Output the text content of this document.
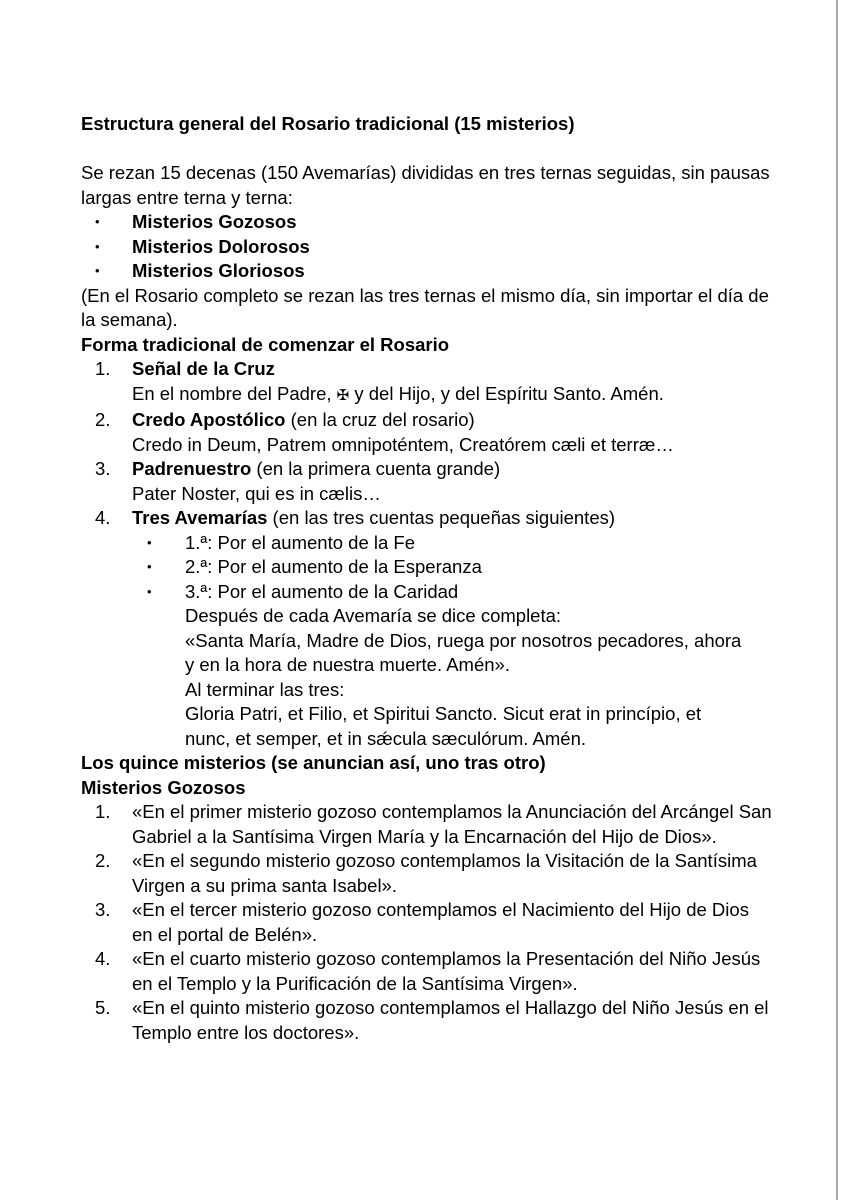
Estructura general del Rosario tradicional (15 misterios)

Se rezan 15 decenas (150 Avemarías) divididas en tres ternas seguidas, sin pausas largas entre terna y terna:

• Misterios Gozosos
• Misterios Dolorosos
• Misterios Gloriosos

(En el Rosario completo se rezan las tres ternas el mismo día, sin importar el día de la semana).

Forma tradicional de comenzar el Rosario

1.	Señal de la Cruz
En el nombre del Padre, ✠ y del Hijo, y del Espíritu Santo. Amén.
2.	Credo Apostólico (en la cruz del rosario)
Credo in Deum, Patrem omnipoténtem, Creatórem cæli et terræ…
3.	Padrenuestro (en la primera cuenta grande)
Pater Noster, qui es in cælis…
4.	Tres Avemarías (en las tres cuentas pequeñas siguientes)
• 1.ª: Por el aumento de la Fe
• 2.ª: Por el aumento de la Esperanza
• 3.ª: Por el aumento de la Caridad
Después de cada Avemaría se dice completa:
«Santa María, Madre de Dios, ruega por nosotros pecadores, ahora y en la hora de nuestra muerte. Amén».
Al terminar las tres:
Gloria Patri, et Filio, et Spiritui Sancto. Sicut erat in princípio, et nunc, et semper, et in sǽcula sæculórum. Amén.

Los quince misterios (se anuncian así, uno tras otro)

Misterios Gozosos

1.	«En el primer misterio gozoso contemplamos la Anunciación del Arcángel San Gabriel a la Santísima Virgen María y la Encarnación del Hijo de Dios».
2.	«En el segundo misterio gozoso contemplamos la Visitación de la Santísima Virgen a su prima santa Isabel».
3.	«En el tercer misterio gozoso contemplamos el Nacimiento del Hijo de Dios en el portal de Belén».
4.	«En el cuarto misterio gozoso contemplamos la Presentación del Niño Jesús en el Templo y la Purificación de la Santísima Virgen».
5.	«En el quinto misterio gozoso contemplamos el Hallazgo del Niño Jesús en el Templo entre los doctores».
